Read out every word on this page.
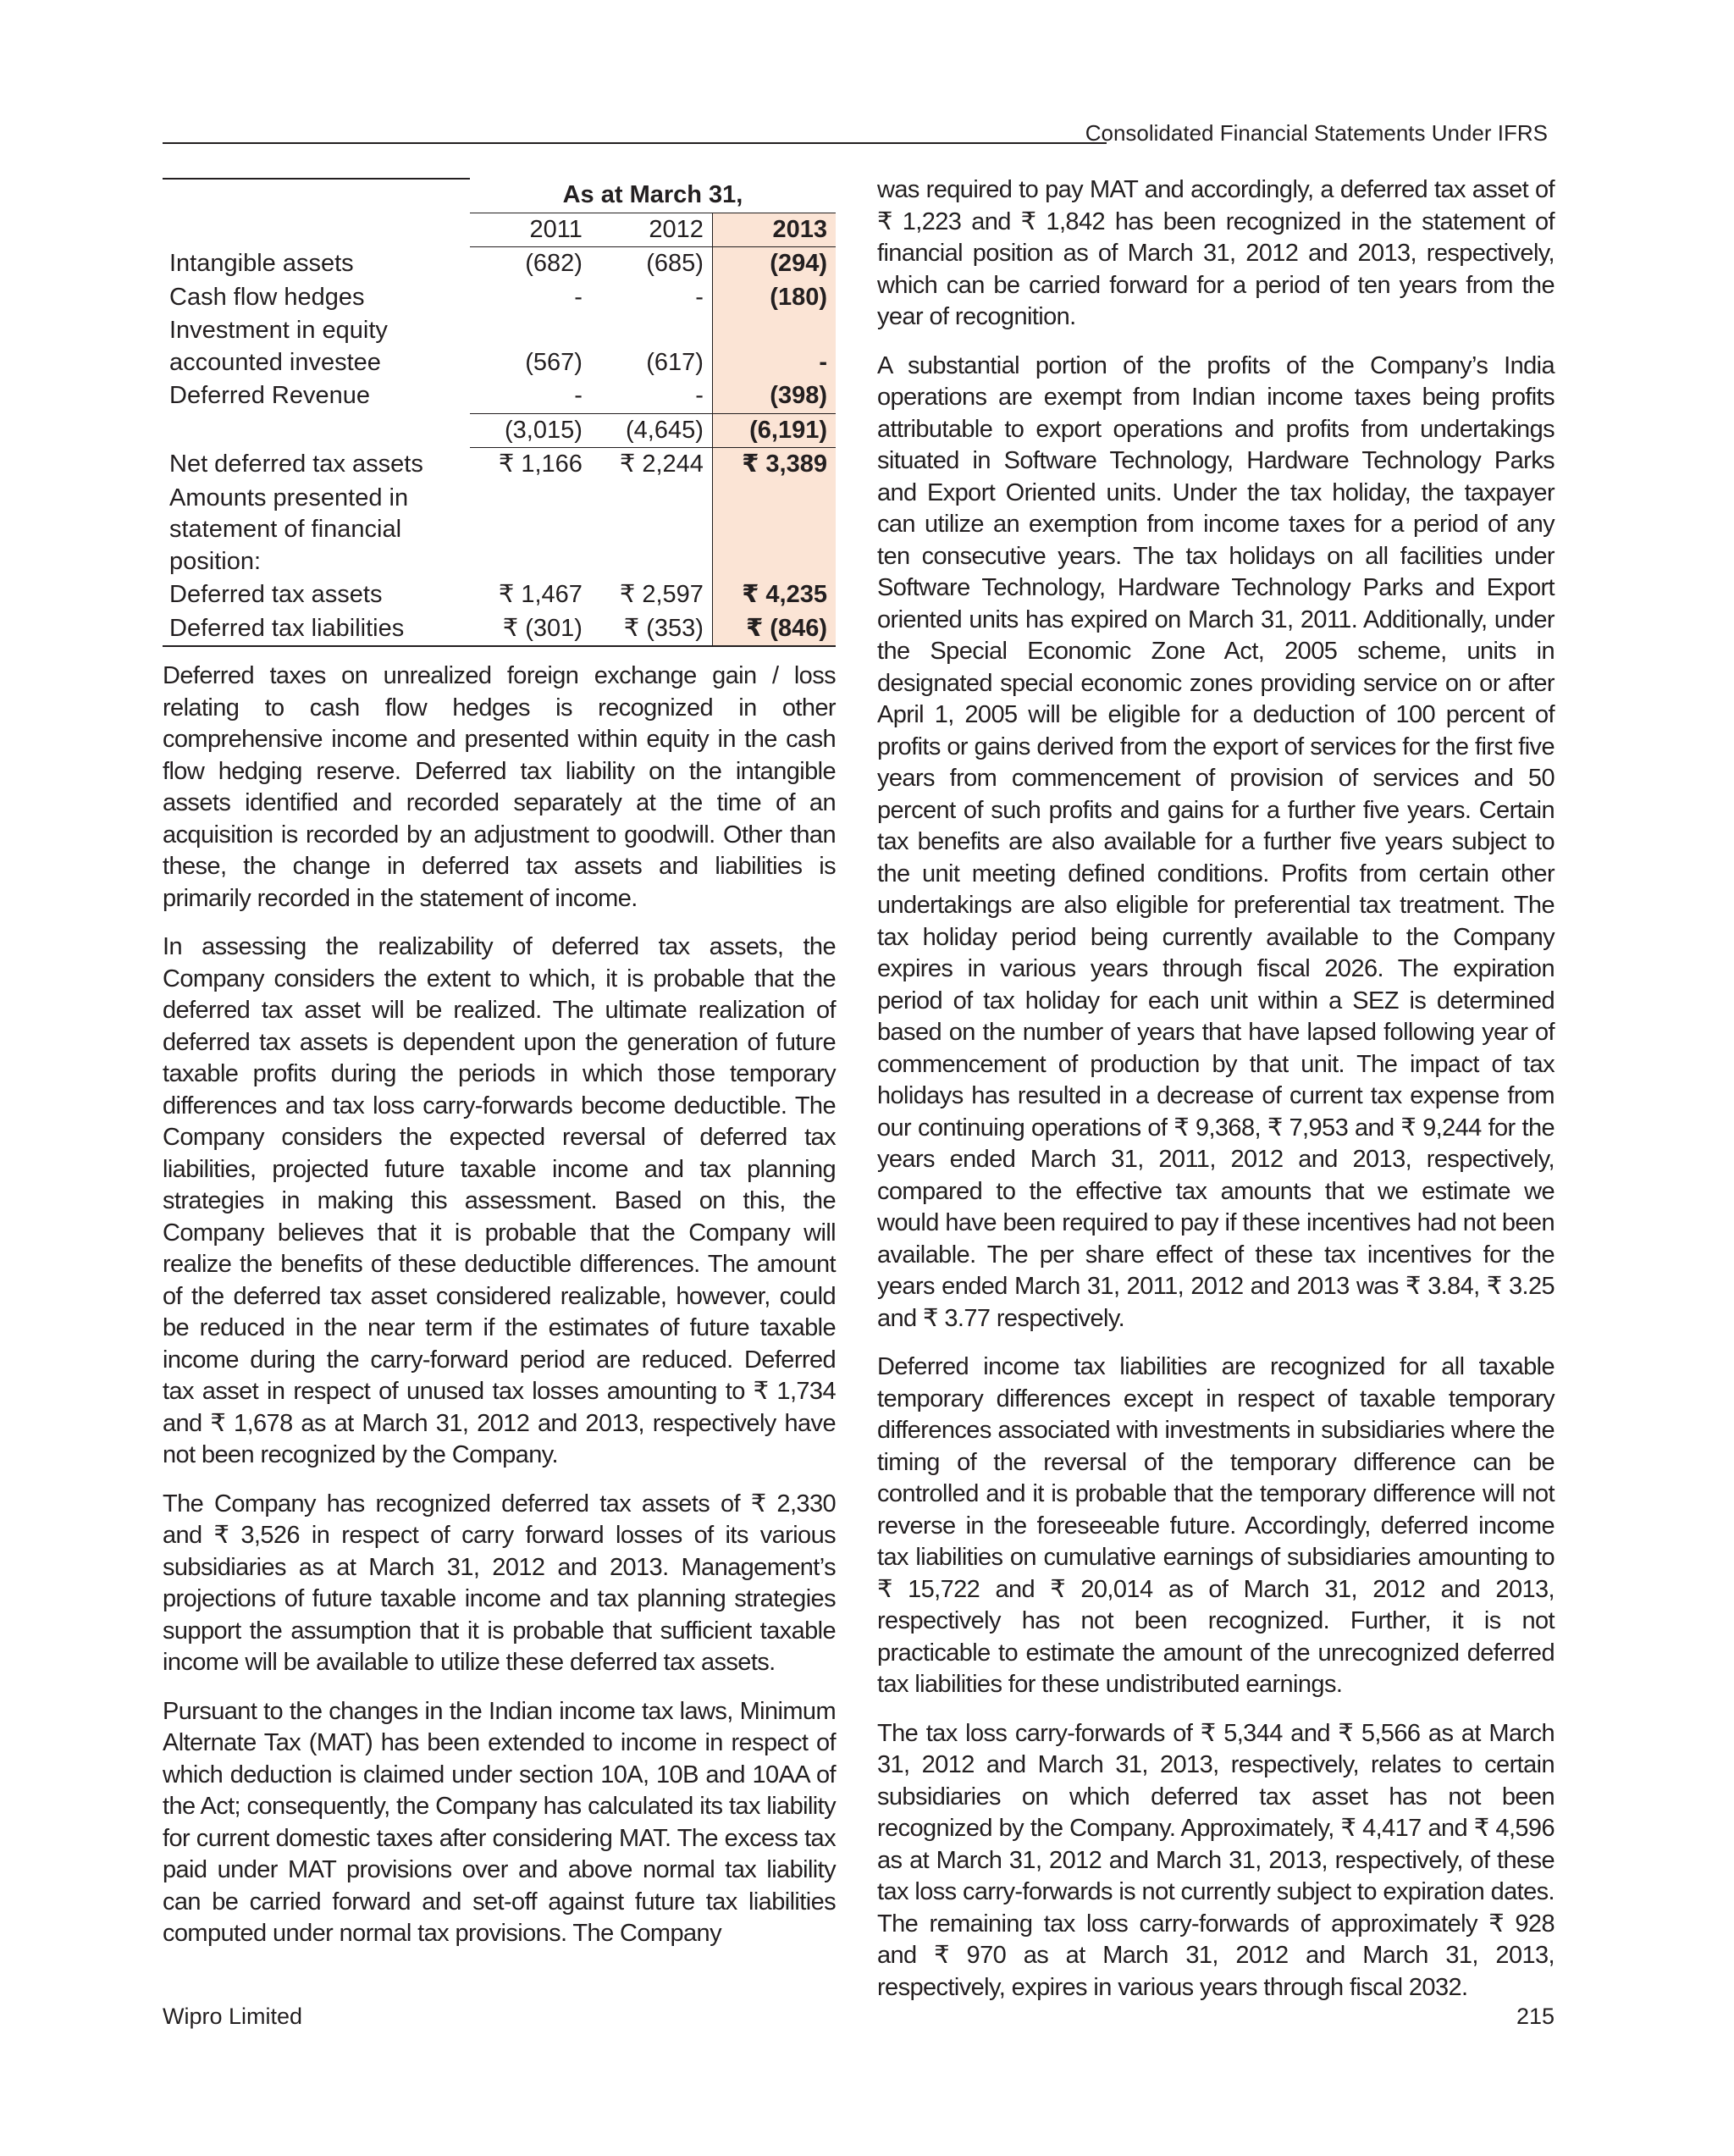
Consolidated Financial Statements Under IFRS
	As at March 31,		
	2011	2012	2013
Intangible assets	(682)	(685)	(294)
Cash flow hedges	-	-	(180)
Investment in equity accounted investee	(567)	(617)	-
Deferred Revenue	-	-	(398)
	(3,015)	(4,645)	(6,191)
Net deferred tax assets	₹ 1,166	₹ 2,244	₹ 3,389
Amounts presented in statement of financial position:			
Deferred tax assets	₹ 1,467	₹ 2,597	₹ 4,235
Deferred tax liabilities	₹ (301)	₹ (353)	₹ (846)

Deferred taxes on unrealized foreign exchange gain / loss relating to cash flow hedges is recognized in other comprehensive income and presented within equity in the cash flow hedging reserve. Deferred tax liability on the intangible assets identified and recorded separately at the time of an acquisition is recorded by an adjustment to goodwill. Other than these, the change in deferred tax assets and liabilities is primarily recorded in the statement of income.

In assessing the realizability of deferred tax assets, the Company considers the extent to which, it is probable that the deferred tax asset will be realized. The ultimate realization of deferred tax assets is dependent upon the generation of future taxable profits during the periods in which those temporary differences and tax loss carry-forwards become deductible. The Company considers the expected reversal of deferred tax liabilities, projected future taxable income and tax planning strategies in making this assessment. Based on this, the Company believes that it is probable that the Company will realize the benefits of these deductible differences. The amount of the deferred tax asset considered realizable, however, could be reduced in the near term if the estimates of future taxable income during the carry-forward period are reduced. Deferred tax asset in respect of unused tax losses amounting to ₹ 1,734 and ₹ 1,678 as at March 31, 2012 and 2013, respectively have not been recognized by the Company.

The Company has recognized deferred tax assets of ₹ 2,330 and ₹ 3,526 in respect of carry forward losses of its various subsidiaries as at March 31, 2012 and 2013. Management’s projections of future taxable income and tax planning strategies support the assumption that it is probable that sufficient taxable income will be available to utilize these deferred tax assets.

Pursuant to the changes in the Indian income tax laws, Minimum Alternate Tax (MAT) has been extended to income in respect of which deduction is claimed under section 10A, 10B and 10AA of the Act; consequently, the Company has calculated its tax liability for current domestic taxes after considering MAT. The excess tax paid under MAT provisions over and above normal tax liability can be carried forward and set-off against future tax liabilities computed under normal tax provisions. The Company

was required to pay MAT and accordingly, a deferred tax asset of ₹ 1,223 and ₹ 1,842 has been recognized in the statement of financial position as of March 31, 2012 and 2013, respectively, which can be carried forward for a period of ten years from the year of recognition.

A substantial portion of the profits of the Company’s India operations are exempt from Indian income taxes being profits attributable to export operations and profits from undertakings situated in Software Technology, Hardware Technology Parks and Export Oriented units. Under the tax holiday, the taxpayer can utilize an exemption from income taxes for a period of any ten consecutive years. The tax holidays on all facilities under Software Technology, Hardware Technology Parks and Export oriented units has expired on March 31, 2011. Additionally, under the Special Economic Zone Act, 2005 scheme, units in designated special economic zones providing service on or after April 1, 2005 will be eligible for a deduction of 100 percent of profits or gains derived from the export of services for the first five years from commencement of provision of services and 50 percent of such profits and gains for a further five years. Certain tax benefits are also available for a further five years subject to the unit meeting defined conditions. Profits from certain other undertakings are also eligible for preferential tax treatment. The tax holiday period being currently available to the Company expires in various years through fiscal 2026. The expiration period of tax holiday for each unit within a SEZ is determined based on the number of years that have lapsed following year of commencement of production by that unit. The impact of tax holidays has resulted in a decrease of current tax expense from our continuing operations of ₹ 9,368, ₹ 7,953 and ₹ 9,244 for the years ended March 31, 2011, 2012 and 2013, respectively, compared to the effective tax amounts that we estimate we would have been required to pay if these incentives had not been available. The per share effect of these tax incentives for the years ended March 31, 2011, 2012 and 2013 was ₹ 3.84, ₹ 3.25 and ₹ 3.77 respectively.

Deferred income tax liabilities are recognized for all taxable temporary differences except in respect of taxable temporary differences associated with investments in subsidiaries where the timing of the reversal of the temporary difference can be controlled and it is probable that the temporary difference will not reverse in the foreseeable future. Accordingly, deferred income tax liabilities on cumulative earnings of subsidiaries amounting to ₹ 15,722 and ₹ 20,014 as of March 31, 2012 and 2013, respectively has not been recognized. Further, it is not practicable to estimate the amount of the unrecognized deferred tax liabilities for these undistributed earnings.

The tax loss carry-forwards of ₹ 5,344 and ₹ 5,566 as at March 31, 2012 and March 31, 2013, respectively, relates to certain subsidiaries on which deferred tax asset has not been recognized by the Company. Approximately, ₹ 4,417 and ₹ 4,596 as at March 31, 2012 and March 31, 2013, respectively, of these tax loss carry-forwards is not currently subject to expiration dates. The remaining tax loss carry-forwards of approximately ₹ 928 and ₹ 970 as at March 31, 2012 and March 31, 2013, respectively, expires in various years through fiscal 2032.

Wipro Limited	215
